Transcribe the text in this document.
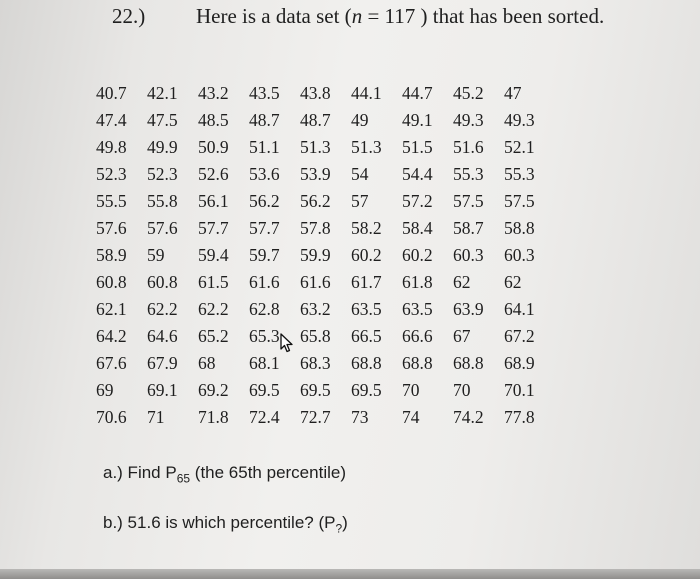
22.) Here is a data set (n = 117 ) that has been sorted.
40.7	42.1	43.2	43.5	43.8	44.1	44.7	45.2	47
47.4	47.5	48.5	48.7	48.7	49	49.1	49.3	49.3
49.8	49.9	50.9	51.1	51.3	51.3	51.5	51.6	52.1
52.3	52.3	52.6	53.6	53.9	54	54.4	55.3	55.3
55.5	55.8	56.1	56.2	56.2	57	57.2	57.5	57.5
57.6	57.6	57.7	57.7	57.8	58.2	58.4	58.7	58.8
58.9	59	59.4	59.7	59.9	60.2	60.2	60.3	60.3
60.8	60.8	61.5	61.6	61.6	61.7	61.8	62	62
62.1	62.2	62.2	62.8	63.2	63.5	63.5	63.9	64.1
64.2	64.6	65.2	65.3	65.8	66.5	66.6	67	67.2
67.6	67.9	68	68.1	68.3	68.8	68.8	68.8	68.9
69	69.1	69.2	69.5	69.5	69.5	70	70	70.1
70.6	71	71.8	72.4	72.7	73	74	74.2	77.8
a.) Find $P_{65}$ (the 65th percentile)
b.) 51.6 is which percentile? $(P_?)$
